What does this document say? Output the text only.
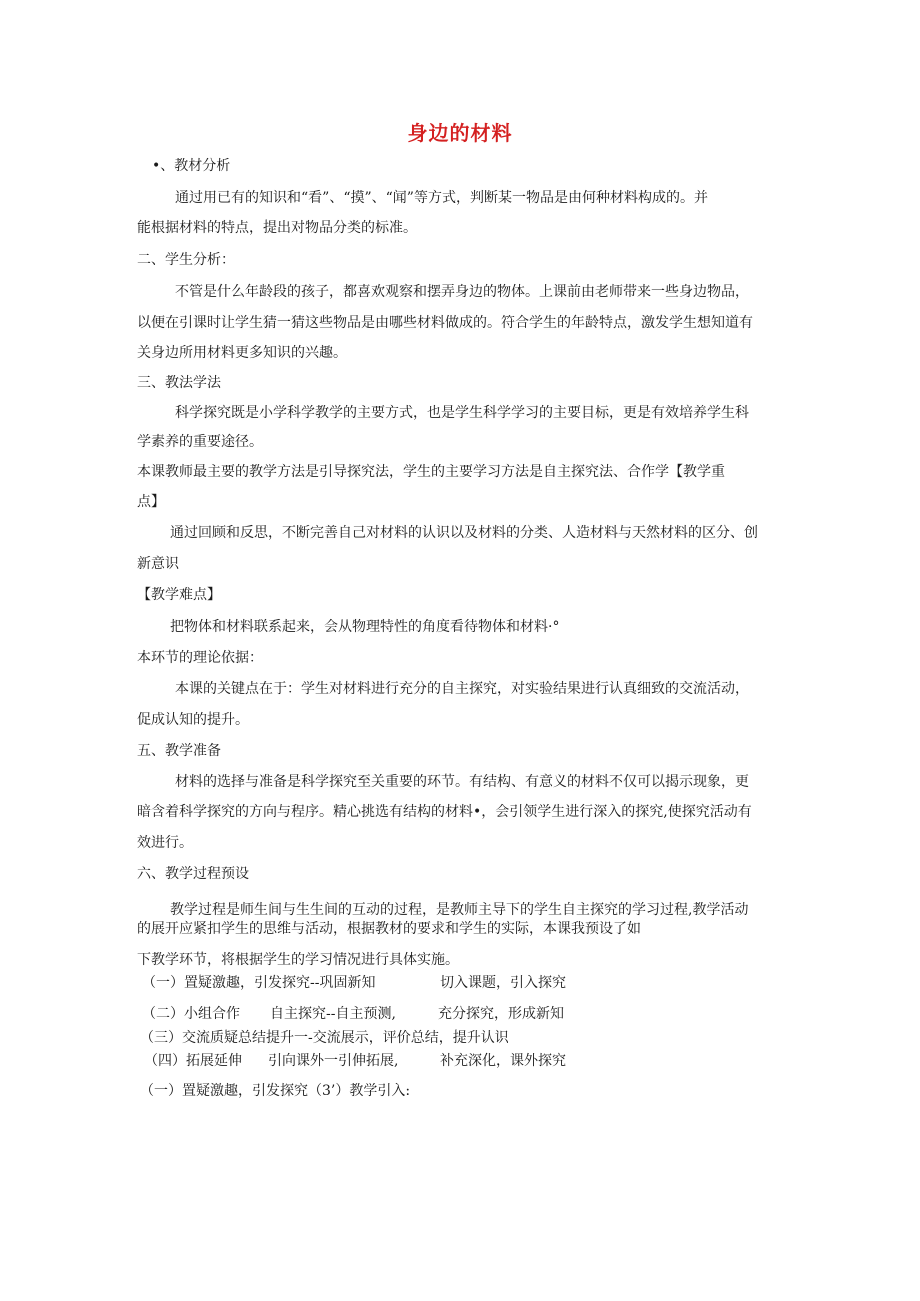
身边的材料

•、教材分析

通过用已有的知识和“看”、“摸”、“闻”等方式，判断某一物品是由何种材料构成的。并

能根据材料的特点，提出对物品分类的标准。

二、学生分析：

不管是什么年龄段的孩子，都喜欢观察和摆弄身边的物体。上课前由老师带来一些身边物品，

以便在引课时让学生猜一猜这些物品是由哪些材料做成的。符合学生的年龄特点，激发学生想知道有

关身边所用材料更多知识的兴趣。

三、教法学法

科学探究既是小学科学教学的主要方式，也是学生科学学习的主要目标，更是有效培养学生科

学素养的重要途径。

本课教师最主要的教学方法是引导探究法，学生的主要学习方法是自主探究法、合作学【教学重

点】

通过回顾和反思，不断完善自己对材料的认识以及材料的分类、人造材料与天然材料的区分、创

新意识

【教学难点】

把物体和材料联系起来，会从物理特性的角度看待物体和材料·°

本环节的理论依据：

本课的关键点在于：学生对材料进行充分的自主探究，对实验结果进行认真细致的交流活动，

促成认知的提升。

五、教学准备

材料的选择与准备是科学探究至关重要的环节。有结构、有意义的材料不仅可以揭示现象，更

暗含着科学探究的方向与程序。精心挑选有结构的材料•，会引领学生进行深入的探究,使探究活动有

效进行。

六、教学过程预设

教学过程是师生间与生生间的互动的过程，是教师主导下的学生自主探究的学习过程,教学活动

的展开应紧扣学生的思维与活动，根据教材的要求和学生的实际，本课我预设了如

下教学环节，将根据学生的学习情况进行具体实施。

（一）置疑激趣，引发探究--巩固新知	切入课题，引入探究

（二）小组合作 自主探究--自主预测,	充分探究，形成新知

（三）交流质疑总结提升一-交流展示，评价总结，提升认识

（四）拓展延伸 引向课外一引伸拓展,	补充深化，课外探究

（一）置疑激趣，引发探究（3’）教学引入:
